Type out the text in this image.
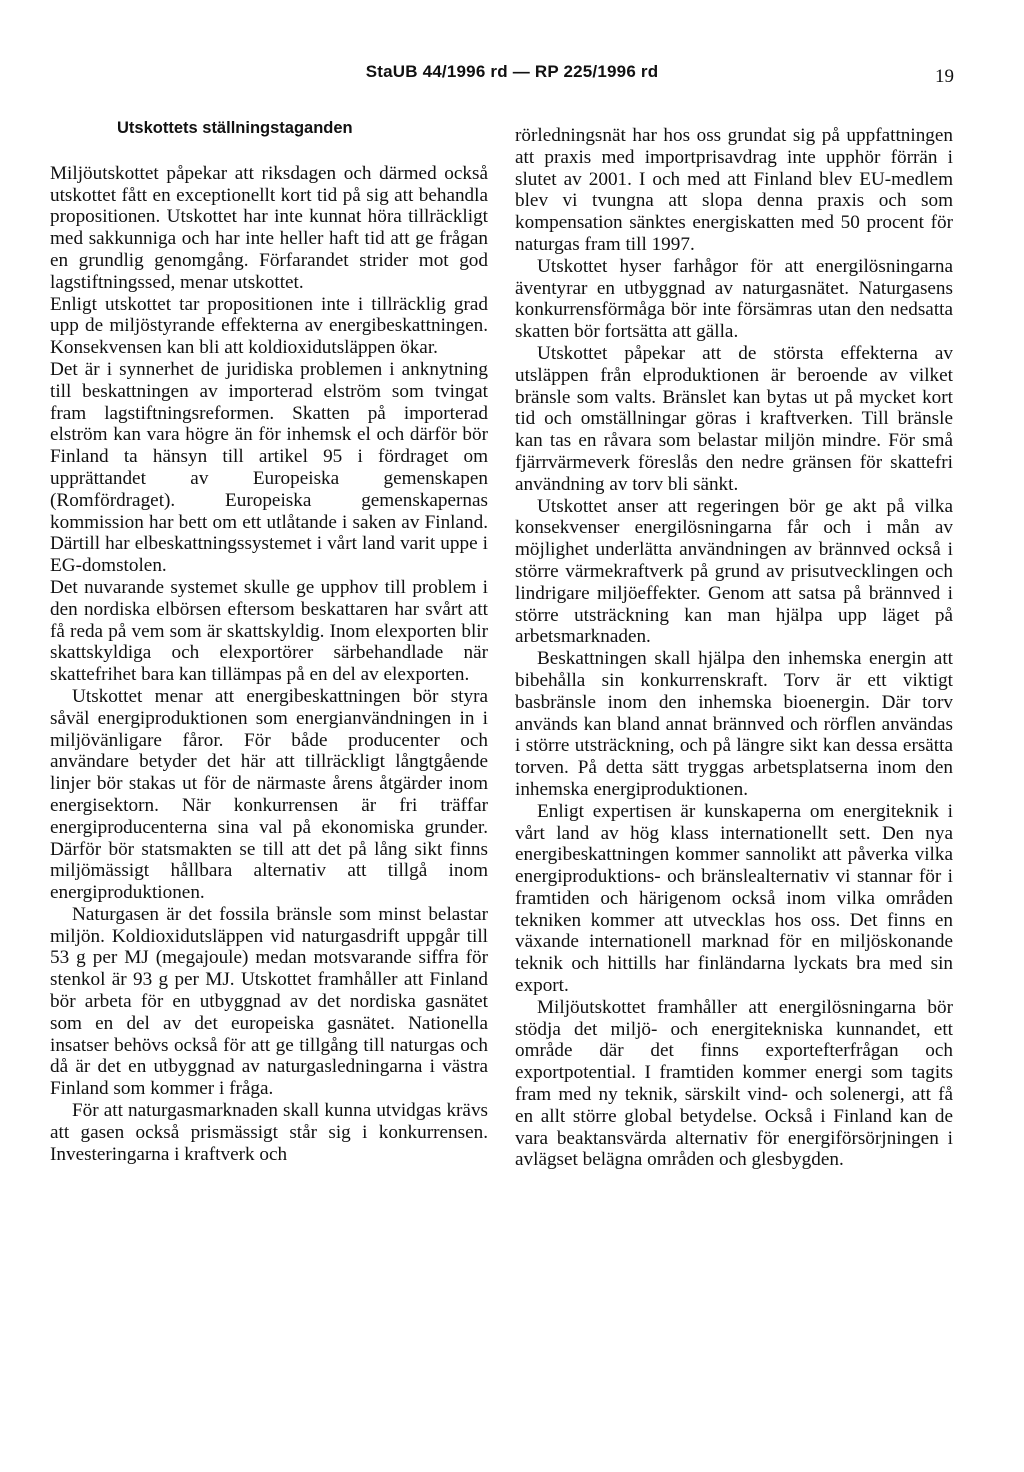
StaUB 44/1996 rd — RP 225/1996 rd	19
Utskottets ställningstaganden

Miljöutskottet påpekar att riksdagen och därmed också utskottet fått en exceptionellt kort tid på sig att behandla propositionen. Utskottet har inte kunnat höra tillräckligt med sakkunniga och har inte heller haft tid att ge frågan en grundlig genomgång. Förfarandet strider mot god lagstiftningssed, menar utskottet.

Enligt utskottet tar propositionen inte i tillräcklig grad upp de miljöstyrande effekterna av energibeskattningen. Konsekvensen kan bli att koldioxidutsläppen ökar.

Det är i synnerhet de juridiska problemen i anknytning till beskattningen av importerad elström som tvingat fram lagstiftningsreformen. Skatten på importerad elström kan vara högre än för inhemsk el och därför bör Finland ta hänsyn till artikel 95 i fördraget om upprättandet av Europeiska gemenskapen (Romfördraget). Europeiska gemenskapernas kommission har bett om ett utlåtande i saken av Finland. Därtill har elbeskattningssystemet i vårt land varit uppe i EG-domstolen.

Det nuvarande systemet skulle ge upphov till problem i den nordiska elbörsen eftersom beskattaren har svårt att få reda på vem som är skattskyldig. Inom elexporten blir skattskyldiga och elexportörer särbehandlade när skattefrihet bara kan tillämpas på en del av elexporten.

Utskottet menar att energibeskattningen bör styra såväl energiproduktionen som energianvändningen in i miljövänligare fåror. För både producenter och användare betyder det här att tillräckligt långtgående linjer bör stakas ut för de närmaste årens åtgärder inom energisektorn. När konkurrensen är fri träffar energiproducenterna sina val på ekonomiska grunder. Därför bör statsmakten se till att det på lång sikt finns miljömässigt hållbara alternativ att tillgå inom energiproduktionen.

Naturgasen är det fossila bränsle som minst belastar miljön. Koldioxidutsläppen vid naturgasdrift uppgår till 53 g per MJ (megajoule) medan motsvarande siffra för stenkol är 93 g per MJ. Utskottet framhåller att Finland bör arbeta för en utbyggnad av det nordiska gasnätet som en del av det europeiska gasnätet. Nationella insatser behövs också för att ge tillgång till naturgas och då är det en utbyggnad av naturgasledningarna i västra Finland som kommer i fråga.

För att naturgasmarknaden skall kunna utvidgas krävs att gasen också prismässigt står sig i konkurrensen. Investeringarna i kraftverk och

rörledningsnät har hos oss grundat sig på uppfattningen att praxis med importprisavdrag inte upphör förrän i slutet av 2001. I och med att Finland blev EU-medlem blev vi tvungna att slopa denna praxis och som kompensation sänktes energiskatten med 50 procent för naturgas fram till 1997.

Utskottet hyser farhågor för att energilösningarna äventyrar en utbyggnad av naturgasnätet. Naturgasens konkurrensförmåga bör inte försämras utan den nedsatta skatten bör fortsätta att gälla.

Utskottet påpekar att de största effekterna av utsläppen från elproduktionen är beroende av vilket bränsle som valts. Bränslet kan bytas ut på mycket kort tid och omställningar göras i kraftverken. Till bränsle kan tas en råvara som belastar miljön mindre. För små fjärrvärmeverk föreslås den nedre gränsen för skattefri användning av torv bli sänkt.

Utskottet anser att regeringen bör ge akt på vilka konsekvenser energilösningarna får och i mån av möjlighet underlätta användningen av brännved också i större värmekraftverk på grund av prisutvecklingen och lindrigare miljöeffekter. Genom att satsa på brännved i större utsträckning kan man hjälpa upp läget på arbetsmarknaden.

Beskattningen skall hjälpa den inhemska energin att bibehålla sin konkurrenskraft. Torv är ett viktigt basbränsle inom den inhemska bioenergin. Där torv används kan bland annat brännved och rörflen användas i större utsträckning, och på längre sikt kan dessa ersätta torven. På detta sätt tryggas arbetsplatserna inom den inhemska energiproduktionen.

Enligt expertisen är kunskaperna om energiteknik i vårt land av hög klass internationellt sett. Den nya energibeskattningen kommer sannolikt att påverka vilka energiproduktions- och bränslealternativ vi stannar för i framtiden och härigenom också inom vilka områden tekniken kommer att utvecklas hos oss. Det finns en växande internationell marknad för en miljöskonande teknik och hittills har finländarna lyckats bra med sin export.

Miljöutskottet framhåller att energilösningarna bör stödja det miljö- och energitekniska kunnandet, ett område där det finns exportefterfrågan och exportpotential. I framtiden kommer energi som tagits fram med ny teknik, särskilt vind- och solenergi, att få en allt större global betydelse. Också i Finland kan de vara beaktansvärda alternativ för energiförsörjningen i avlägset belägna områden och glesbygden.
